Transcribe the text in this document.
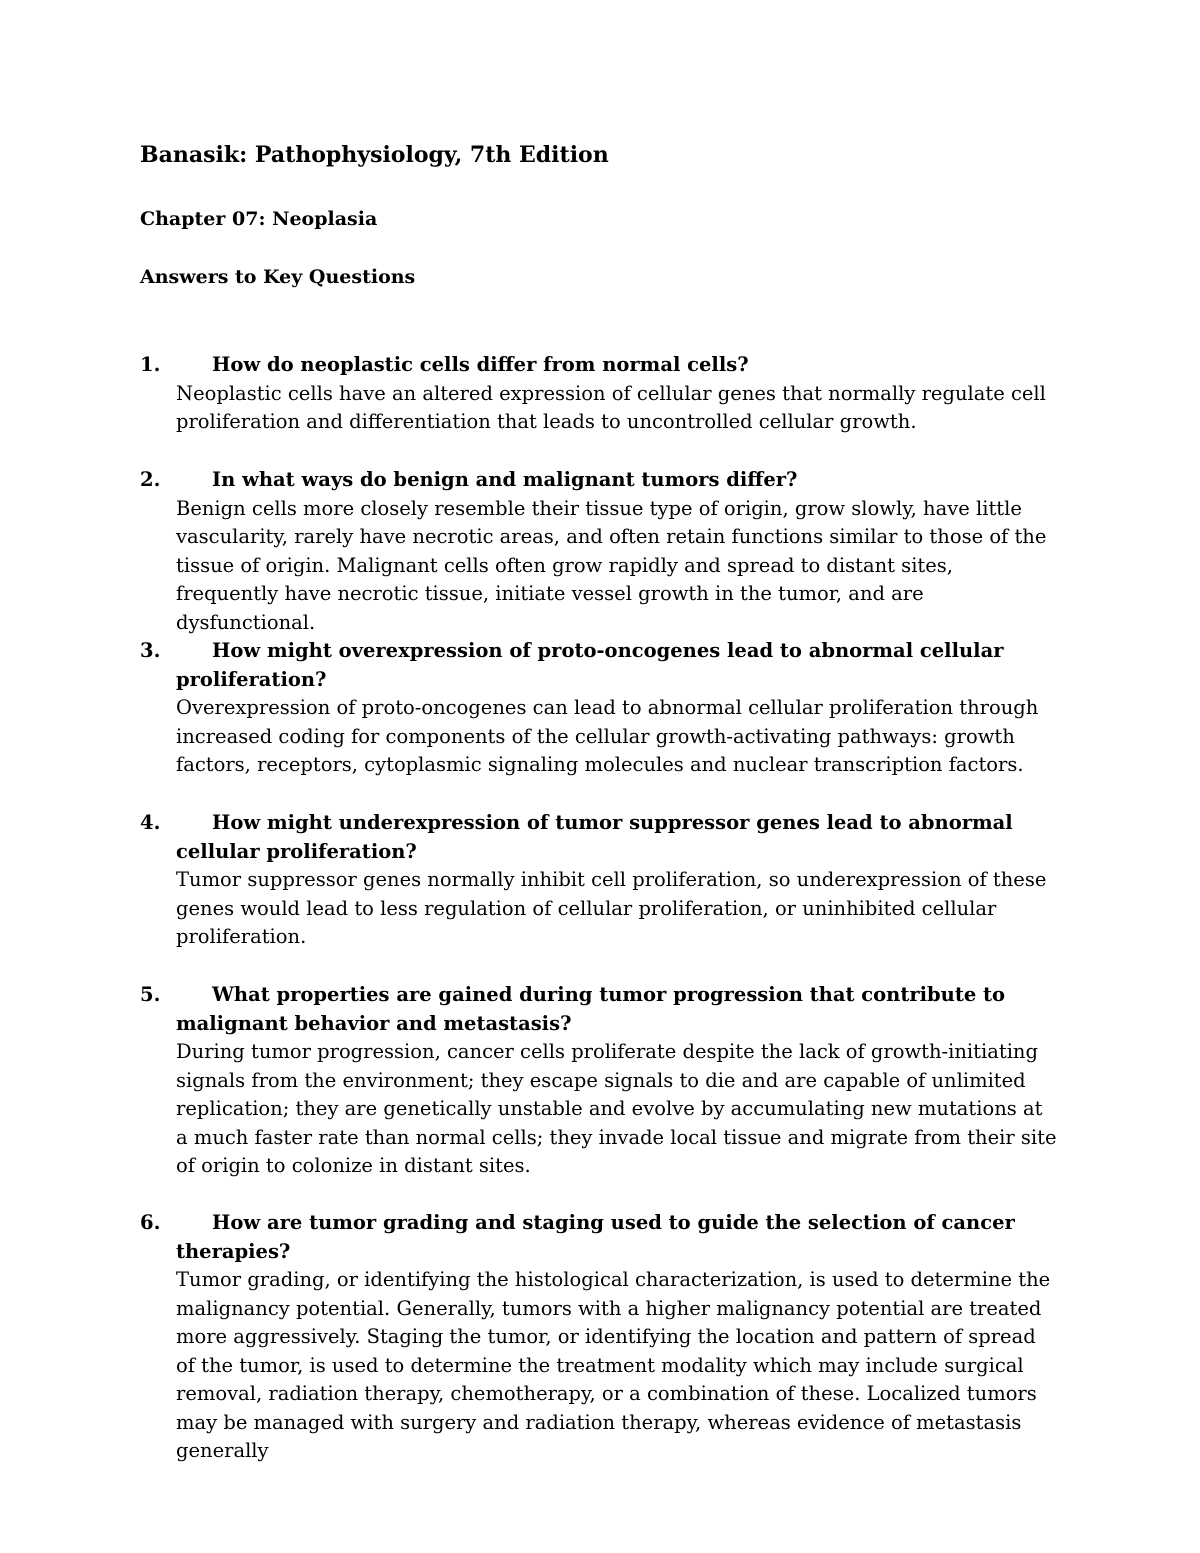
Banasik: Pathophysiology, 7th Edition
Chapter 07: Neoplasia
Answers to Key Questions
1.	How do neoplastic cells differ from normal cells?

Neoplastic cells have an altered expression of cellular genes that normally regulate cell proliferation and differentiation that leads to uncontrolled cellular growth.

2.	In what ways do benign and malignant tumors differ?

Benign cells more closely resemble their tissue type of origin, grow slowly, have little vascularity, rarely have necrotic areas, and often retain functions similar to those of the tissue of origin. Malignant cells often grow rapidly and spread to distant sites, frequently have necrotic tissue, initiate vessel growth in the tumor, and are dysfunctional.

3.	How might overexpression of proto-oncogenes lead to abnormal cellular proliferation?

Overexpression of proto-oncogenes can lead to abnormal cellular proliferation through increased coding for components of the cellular growth-activating pathways: growth factors, receptors, cytoplasmic signaling molecules and nuclear transcription factors.

4.	How might underexpression of tumor suppressor genes lead to abnormal cellular proliferation?

Tumor suppressor genes normally inhibit cell proliferation, so underexpression of these genes would lead to less regulation of cellular proliferation, or uninhibited cellular proliferation.

5.	What properties are gained during tumor progression that contribute to malignant behavior and metastasis?

During tumor progression, cancer cells proliferate despite the lack of growth-initiating signals from the environment; they escape signals to die and are capable of unlimited replication; they are genetically unstable and evolve by accumulating new mutations at a much faster rate than normal cells; they invade local tissue and migrate from their site of origin to colonize in distant sites.

6.	How are tumor grading and staging used to guide the selection of cancer therapies?

Tumor grading, or identifying the histological characterization, is used to determine the malignancy potential. Generally, tumors with a higher malignancy potential are treated more aggressively. Staging the tumor, or identifying the location and pattern of spread of the tumor, is used to determine the treatment modality which may include surgical removal, radiation therapy, chemotherapy, or a combination of these. Localized tumors may be managed with surgery and radiation therapy, whereas evidence of metastasis generally
